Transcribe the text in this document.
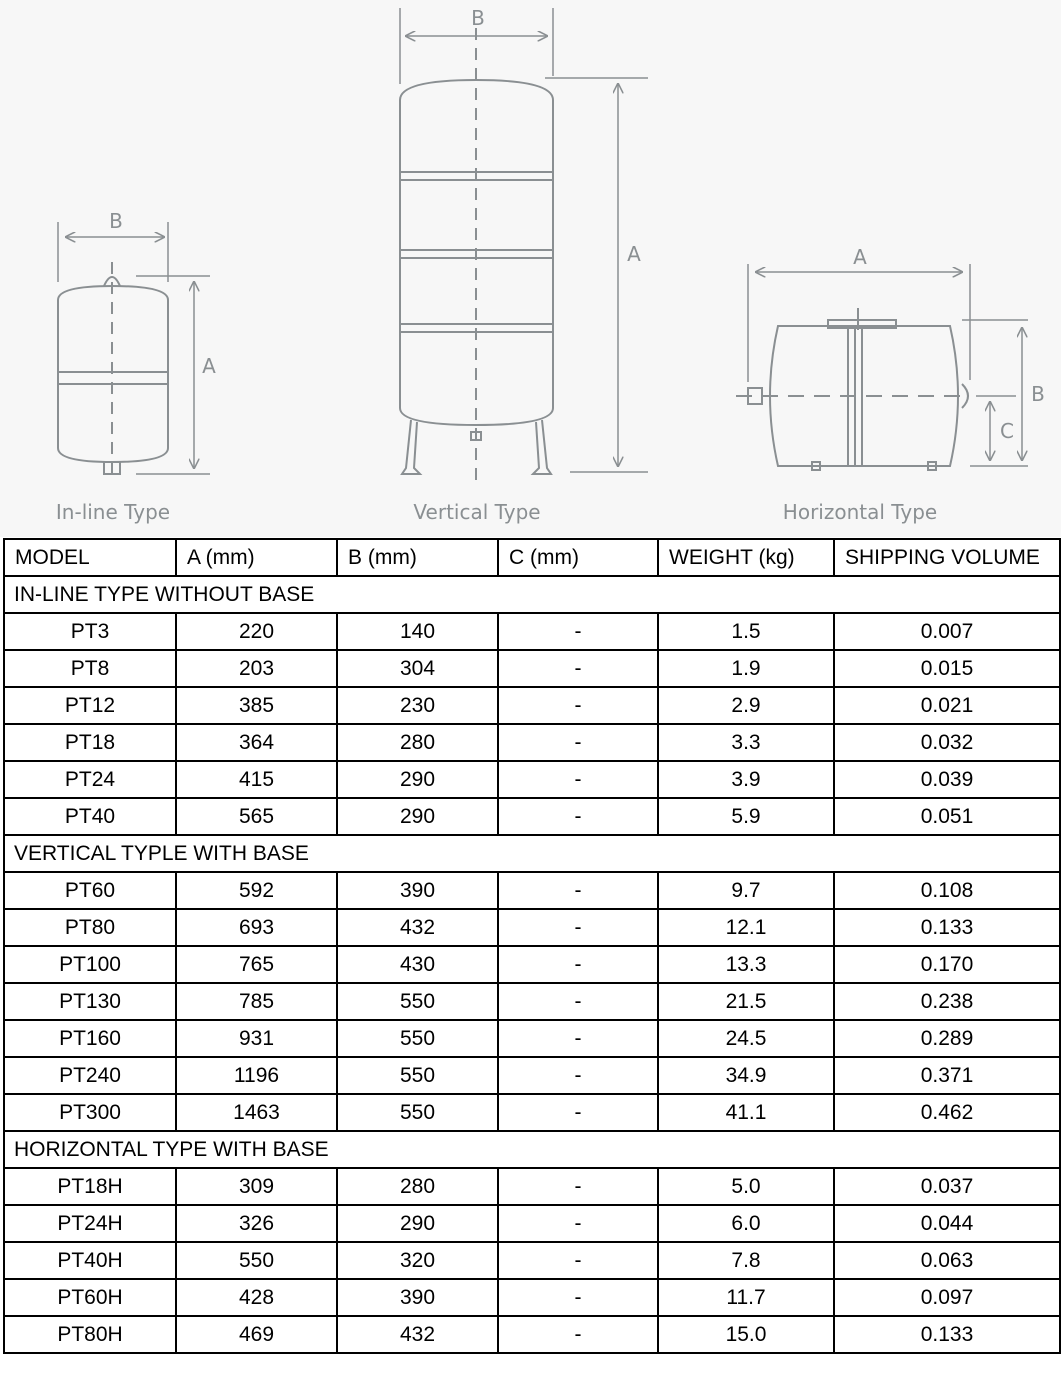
B
A
B
A	A
B
C
In-line Type	Vertical Type	Horizontal Type
MODEL	A (mm)	B (mm)	C (mm)	WEIGHT (kg)	SHIPPING VOLUME
IN-LINE TYPE WITHOUT BASE					
PT3	220	140	-	1.5	0.007
PT8	203	304	-	1.9	0.015
PT12	385	230	-	2.9	0.021
PT18	364	280	-	3.3	0.032
PT24	415	290	-	3.9	0.039
PT40	565	290	-	5.9	0.051
VERTICAL TYPLE WITH BASE					
PT60	592	390	-	9.7	0.108
PT80	693	432	-	12.1	0.133
PT100	765	430	-	13.3	0.170
PT130	785	550	-	21.5	0.238
PT160	931	550	-	24.5	0.289
PT240	1196	550	-	34.9	0.371
PT300	1463	550	-	41.1	0.462
HORIZONTAL TYPE WITH BASE					
PT18H	309	280	-	5.0	0.037
PT24H	326	290	-	6.0	0.044
PT40H	550	320	-	7.8	0.063
PT60H	428	390	-	11.7	0.097
PT80H	469	432	-	15.0	0.133
